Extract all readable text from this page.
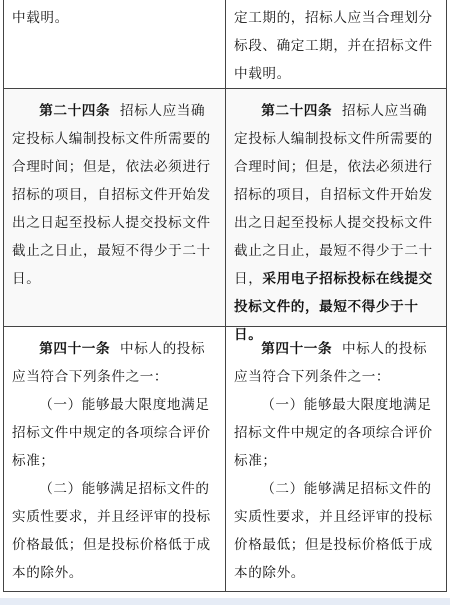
中载明。	定工期的，招标人应当合理划分标段、确定工期，并在招标文件中载明。

第二十四条 招标人应当确定投标人编制投标文件所需要的合理时间；但是，依法必须进行招标的项目，自招标文件开始发出之日起至投标人提交投标文件截止之日止，最短不得少于二十日。

第二十四条 招标人应当确定投标人编制投标文件所需要的合理时间；但是，依法必须进行招标的项目，自招标文件开始发出之日起至投标人提交投标文件截止之日止，最短不得少于二十日，采用电子招标投标在线提交投标文件的，最短不得少于十日。

第四十一条 中标人的投标应当符合下列条件之一：

（一）能够最大限度地满足招标文件中规定的各项综合评价标准；

（二）能够满足招标文件的实质性要求，并且经评审的投标价格最低；但是投标价格低于成本的除外。

第四十一条 中标人的投标应当符合下列条件之一：

（一）能够最大限度地满足招标文件中规定的各项综合评价标准；

（二）能够满足招标文件的实质性要求，并且经评审的投标价格最低；但是投标价格低于成本的除外。
